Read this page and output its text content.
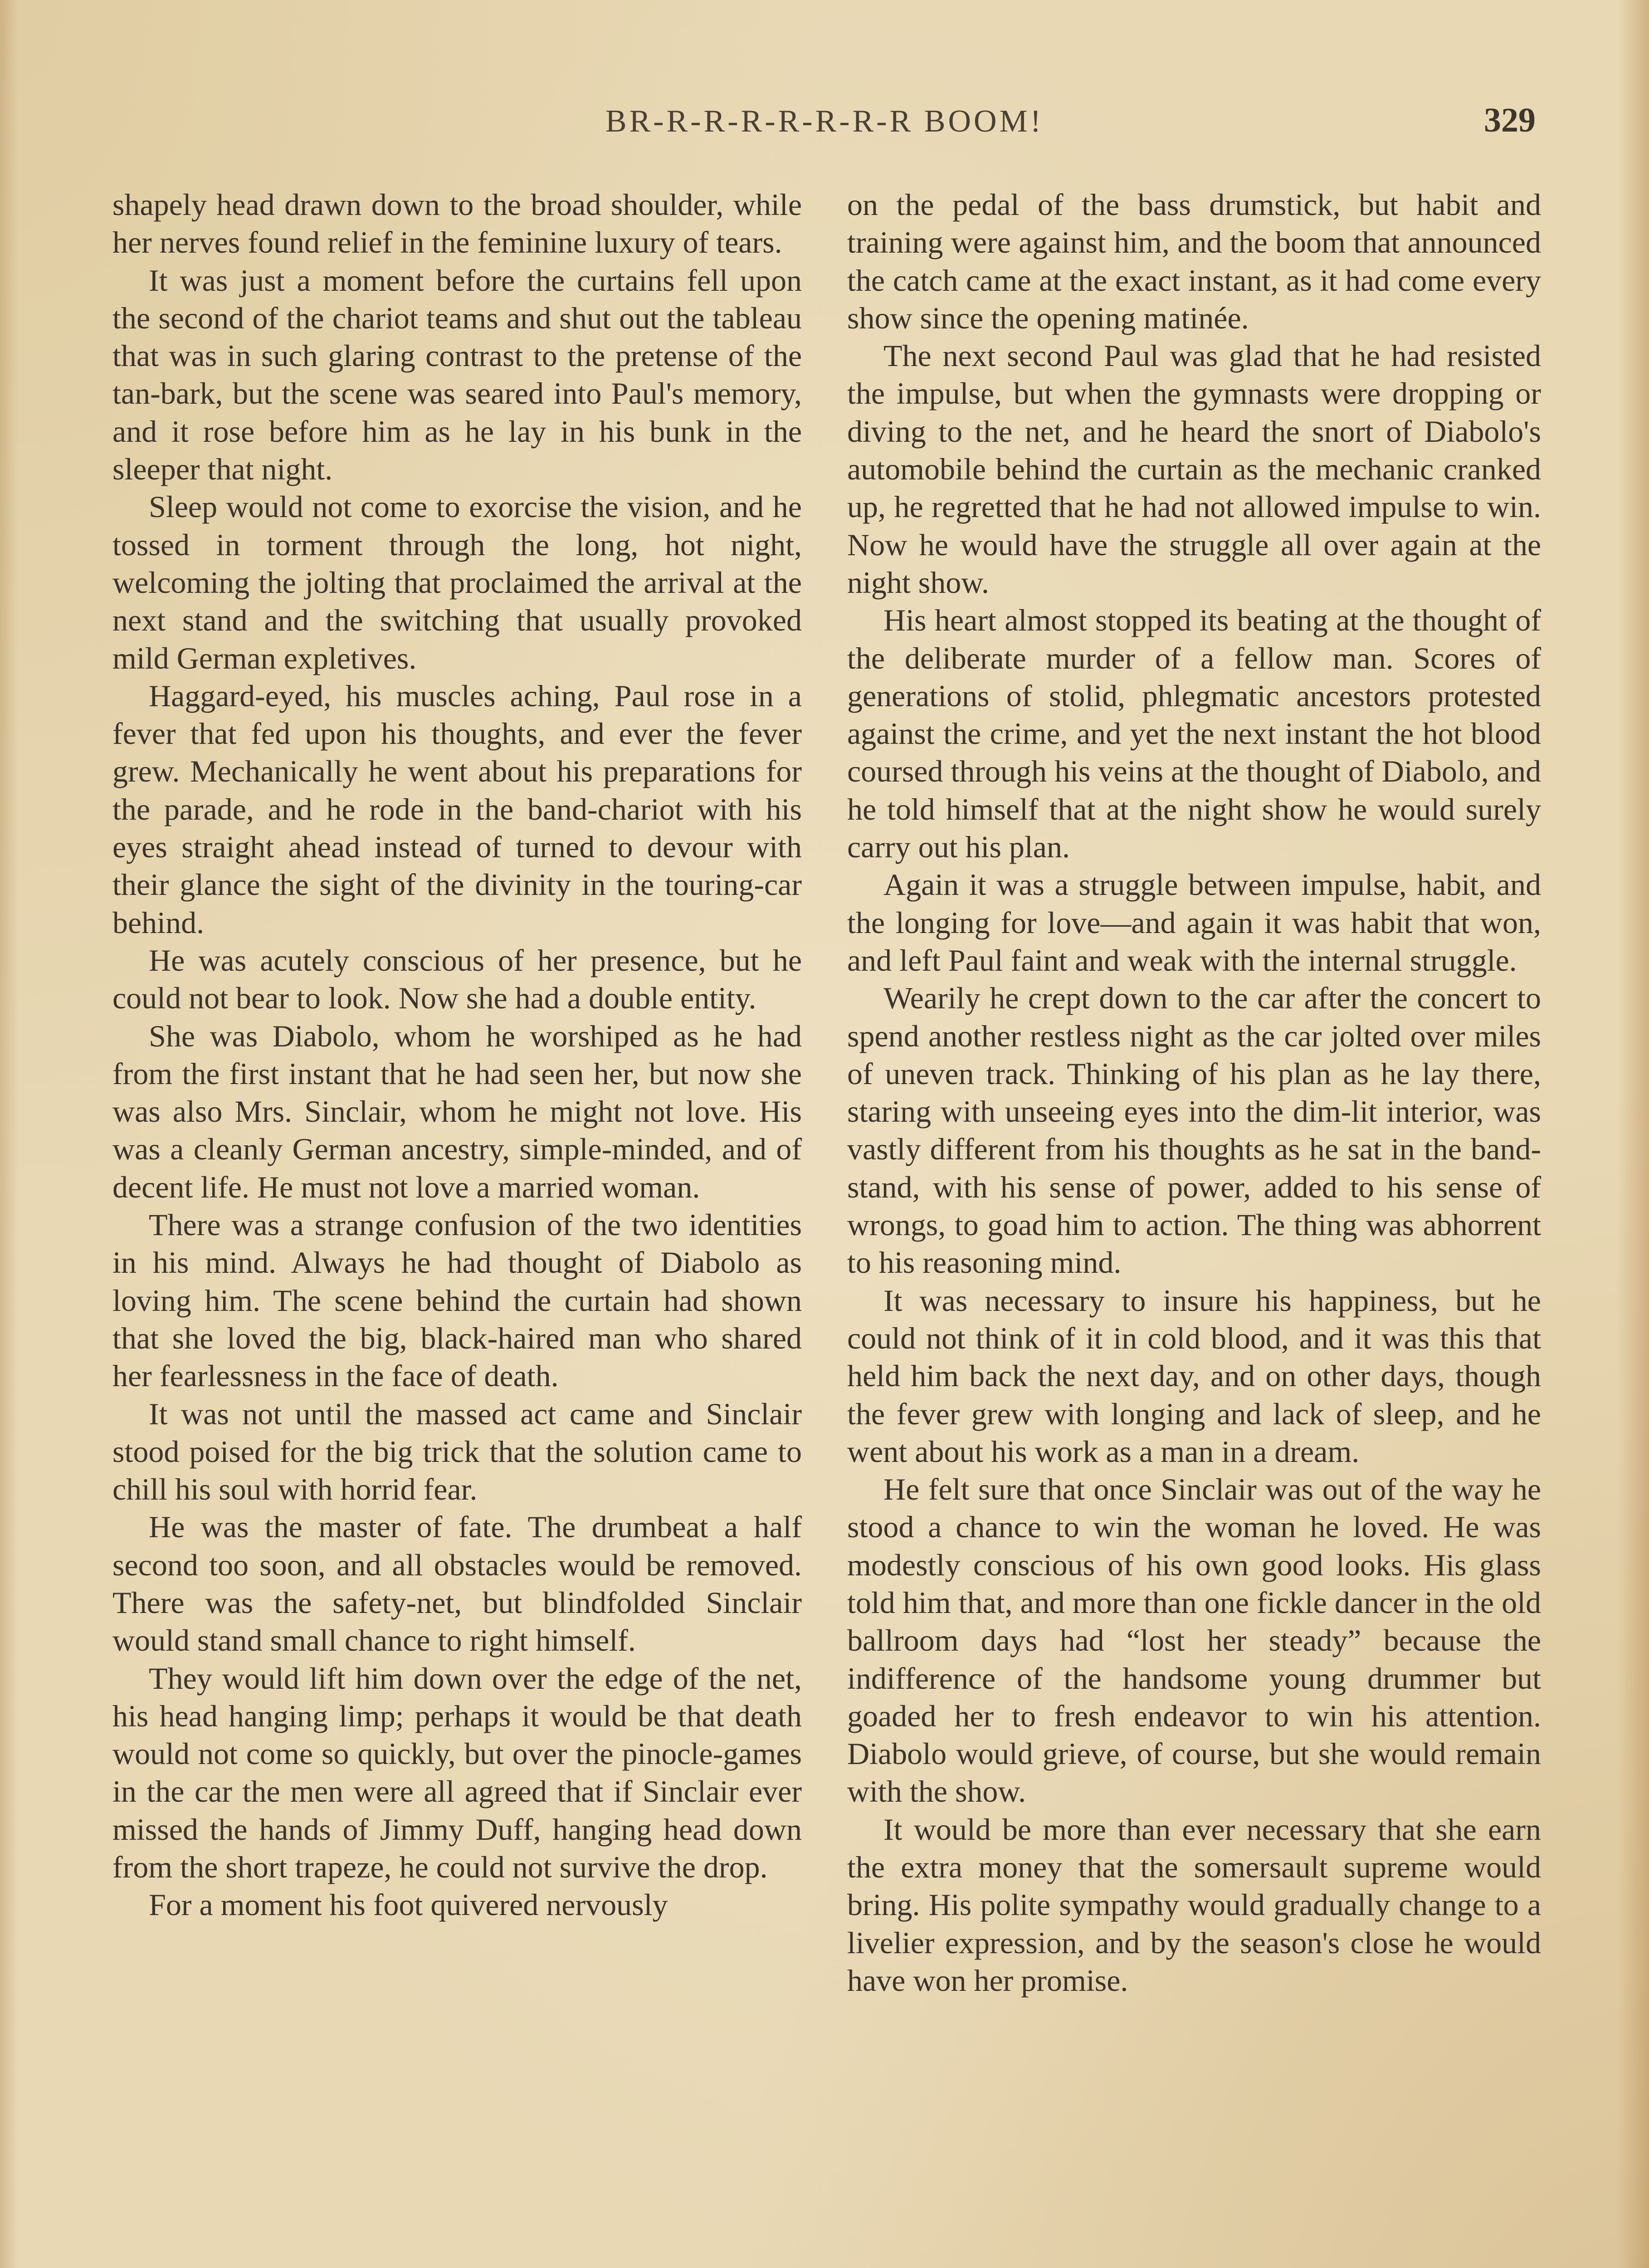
BR-R-R-R-R-R-R-R BOOM!	329

shapely head drawn down to the broad shoulder, while her nerves found relief in the feminine luxury of tears.

It was just a moment before the curtains fell upon the second of the chariot teams and shut out the tableau that was in such glaring contrast to the pretense of the tan-bark, but the scene was seared into Paul's memory, and it rose before him as he lay in his bunk in the sleeper that night.

Sleep would not come to exorcise the vision, and he tossed in torment through the long, hot night, welcoming the jolting that proclaimed the arrival at the next stand and the switching that usually provoked mild German expletives.

Haggard-eyed, his muscles aching, Paul rose in a fever that fed upon his thoughts, and ever the fever grew. Mechanically he went about his preparations for the parade, and he rode in the band-chariot with his eyes straight ahead instead of turned to devour with their glance the sight of the divinity in the touring-car behind.

He was acutely conscious of her presence, but he could not bear to look. Now she had a double entity.

She was Diabolo, whom he worshiped as he had from the first instant that he had seen her, but now she was also Mrs. Sinclair, whom he might not love. His was a cleanly German ancestry, simple-minded, and of decent life. He must not love a married woman.

There was a strange confusion of the two identities in his mind. Always he had thought of Diabolo as loving him. The scene behind the curtain had shown that she loved the big, black-haired man who shared her fearlessness in the face of death.

It was not until the massed act came and Sinclair stood poised for the big trick that the solution came to chill his soul with horrid fear.

He was the master of fate. The drumbeat a half second too soon, and all obstacles would be removed. There was the safety-net, but blindfolded Sinclair would stand small chance to right himself.

They would lift him down over the edge of the net, his head hanging limp; perhaps it would be that death would not come so quickly, but over the pinocle-games in the car the men were all agreed that if Sinclair ever missed the hands of Jimmy Duff, hanging head down from the short trapeze, he could not survive the drop.

For a moment his foot quivered nervously

on the pedal of the bass drumstick, but habit and training were against him, and the boom that announced the catch came at the exact instant, as it had come every show since the opening matinée.

The next second Paul was glad that he had resisted the impulse, but when the gymnasts were dropping or diving to the net, and he heard the snort of Diabolo's automobile behind the curtain as the mechanic cranked up, he regretted that he had not allowed impulse to win. Now he would have the struggle all over again at the night show.

His heart almost stopped its beating at the thought of the deliberate murder of a fellow man. Scores of generations of stolid, phlegmatic ancestors protested against the crime, and yet the next instant the hot blood coursed through his veins at the thought of Diabolo, and he told himself that at the night show he would surely carry out his plan.

Again it was a struggle between impulse, habit, and the longing for love—and again it was habit that won, and left Paul faint and weak with the internal struggle.

Wearily he crept down to the car after the concert to spend another restless night as the car jolted over miles of uneven track. Thinking of his plan as he lay there, staring with unseeing eyes into the dim-lit interior, was vastly different from his thoughts as he sat in the band-stand, with his sense of power, added to his sense of wrongs, to goad him to action. The thing was abhorrent to his reasoning mind.

It was necessary to insure his happiness, but he could not think of it in cold blood, and it was this that held him back the next day, and on other days, though the fever grew with longing and lack of sleep, and he went about his work as a man in a dream.

He felt sure that once Sinclair was out of the way he stood a chance to win the woman he loved. He was modestly conscious of his own good looks. His glass told him that, and more than one fickle dancer in the old ballroom days had “lost her steady” because the indifference of the handsome young drummer but goaded her to fresh endeavor to win his attention. Diabolo would grieve, of course, but she would remain with the show.

It would be more than ever necessary that she earn the extra money that the somersault supreme would bring. His polite sympathy would gradually change to a livelier expression, and by the season's close he would have won her promise.
